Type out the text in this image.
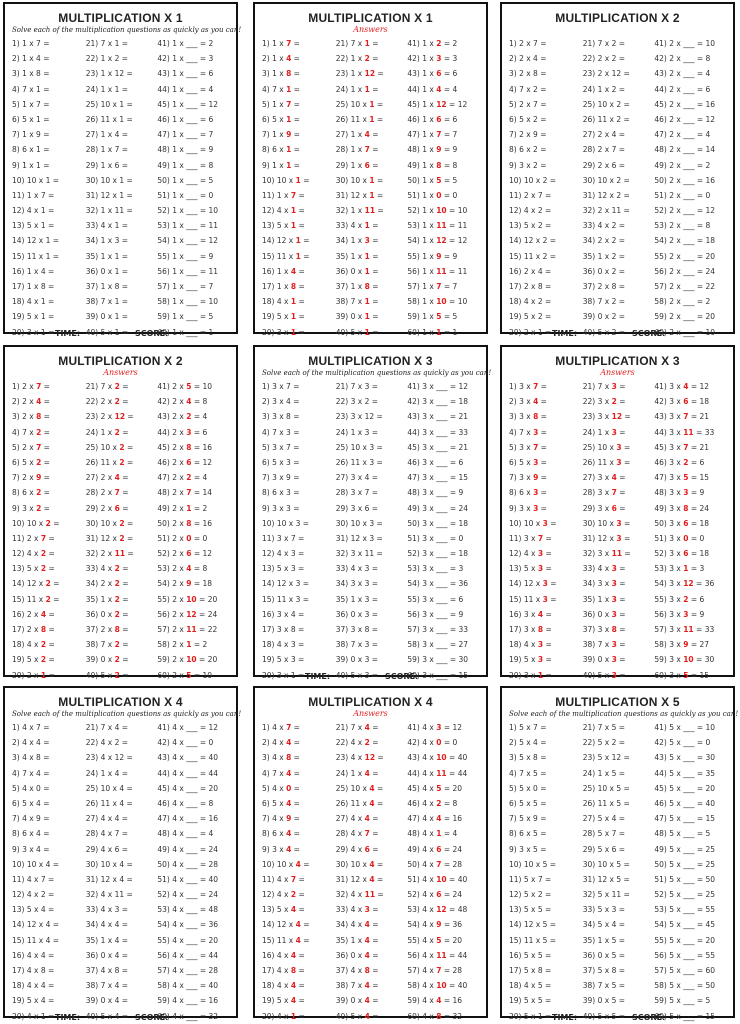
MULTIPLICATION X 1
Solve each of the multiplication questions as quickly as you can!
1) 1 x 7 =
2) 1 x 4 =
3) 1 x 8 =
4) 7 x 1 =
5) 1 x 7 =
6) 5 x 1 =
7) 1 x 9 =
8) 6 x 1 =
9) 1 x 1 =
10) 10 x 1 =
11) 1 x 7 =
12) 4 x 1 =
13) 5 x 1 =
14) 12 x 1 =
15) 11 x 1 =
16) 1 x 4 =
17) 1 x 8 =
18) 4 x 1 =
19) 5 x 1 =
20) 3 x 1 =
21) 7 x 1 =
22) 1 x 2 =
23) 1 x 12 =
24) 1 x 1 =
25) 10 x 1 =
26) 11 x 1 =
27) 1 x 4 =
28) 1 x 7 =
29) 1 x 6 =
30) 10 x 1 =
31) 12 x 1 =
32) 1 x 11 =
33) 4 x 1 =
34) 1 x 3 =
35) 1 x 1 =
36) 0 x 1 =
37) 1 x 8 =
38) 7 x 1 =
39) 0 x 1 =
40) 5 x 1 =
41) 1 x ___ = 2
42) 1 x ___ = 3
43) 1 x ___ = 6
44) 1 x ___ = 4
45) 1 x ___ = 12
46) 1 x ___ = 6
47) 1 x ___ = 7
48) 1 x ___ = 9
49) 1 x ___ = 8
50) 1 x ___ = 5
51) 1 x ___ = 0
52) 1 x ___ = 10
53) 1 x ___ = 11
54) 1 x ___ = 12
55) 1 x ___ = 9
56) 1 x ___ = 11
57) 1 x ___ = 7
58) 1 x ___ = 10
59) 1 x ___ = 5
60) 1 x ___ = 1
TIME:	SCORE:
MULTIPLICATION X 1
Answers
1) 1 x 7 =
2) 1 x 4 =
3) 1 x 8 =
4) 7 x 1 =
5) 1 x 7 =
6) 5 x 1 =
7) 1 x 9 =
8) 6 x 1 =
9) 1 x 1 =
10) 10 x 1 =
11) 1 x 7 =
12) 4 x 1 =
13) 5 x 1 =
14) 12 x 1 =
15) 11 x 1 =
16) 1 x 4 =
17) 1 x 8 =
18) 4 x 1 =
19) 5 x 1 =
20) 3 x 1 =
21) 7 x 1 =
22) 1 x 2 =
23) 1 x 12 =
24) 1 x 1 =
25) 10 x 1 =
26) 11 x 1 =
27) 1 x 4 =
28) 1 x 7 =
29) 1 x 6 =
30) 10 x 1 =
31) 12 x 1 =
32) 1 x 11 =
33) 4 x 1 =
34) 1 x 3 =
35) 1 x 1 =
36) 0 x 1 =
37) 1 x 8 =
38) 7 x 1 =
39) 0 x 1 =
40) 5 x 1 =
41) 1 x 2 = 2
42) 1 x 3 = 3
43) 1 x 6 = 6
44) 1 x 4 = 4
45) 1 x 12 = 12
46) 1 x 6 = 6
47) 1 x 7 = 7
48) 1 x 9 = 9
49) 1 x 8 = 8
50) 1 x 5 = 5
51) 1 x 0 = 0
52) 1 x 10 = 10
53) 1 x 11 = 11
54) 1 x 12 = 12
55) 1 x 9 = 9
56) 1 x 11 = 11
57) 1 x 7 = 7
58) 1 x 10 = 10
59) 1 x 5 = 5
60) 1 x 1 = 1
MULTIPLICATION X 2
1) 2 x 7 =
2) 2 x 4 =
3) 2 x 8 =
4) 7 x 2 =
5) 2 x 7 =
6) 5 x 2 =
7) 2 x 9 =
8) 6 x 2 =
9) 3 x 2 =
10) 10 x 2 =
11) 2 x 7 =
12) 4 x 2 =
13) 5 x 2 =
14) 12 x 2 =
15) 11 x 2 =
16) 2 x 4 =
17) 2 x 8 =
18) 4 x 2 =
19) 5 x 2 =
20) 2 x 1 =
21) 7 x 2 =
22) 2 x 2 =
23) 2 x 12 =
24) 1 x 2 =
25) 10 x 2 =
26) 11 x 2 =
27) 2 x 4 =
28) 2 x 7 =
29) 2 x 6 =
30) 10 x 2 =
31) 12 x 2 =
32) 2 x 11 =
33) 4 x 2 =
34) 2 x 2 =
35) 1 x 2 =
36) 0 x 2 =
37) 2 x 8 =
38) 7 x 2 =
39) 0 x 2 =
40) 5 x 2 =
41) 2 x ___ = 10
42) 2 x ___ = 8
43) 2 x ___ = 4
44) 2 x ___ = 6
45) 2 x ___ = 16
46) 2 x ___ = 12
47) 2 x ___ = 4
48) 2 x ___ = 14
49) 2 x ___ = 2
50) 2 x ___ = 16
51) 2 x ___ = 0
52) 2 x ___ = 12
53) 2 x ___ = 8
54) 2 x ___ = 18
55) 2 x ___ = 20
56) 2 x ___ = 24
57) 2 x ___ = 22
58) 2 x ___ = 2
59) 2 x ___ = 20
60) 2 x ___ = 10
TIME:	SCORE:
MULTIPLICATION X 2
Answers
1) 2 x 7 =
2) 2 x 4 =
3) 2 x 8 =
4) 7 x 2 =
5) 2 x 7 =
6) 5 x 2 =
7) 2 x 9 =
8) 6 x 2 =
9) 3 x 2 =
10) 10 x 2 =
11) 2 x 7 =
12) 4 x 2 =
13) 5 x 2 =
14) 12 x 2 =
15) 11 x 2 =
16) 2 x 4 =
17) 2 x 8 =
18) 4 x 2 =
19) 5 x 2 =
20) 2 x 1 =
21) 7 x 2 =
22) 2 x 2 =
23) 2 x 12 =
24) 1 x 2 =
25) 10 x 2 =
26) 11 x 2 =
27) 2 x 4 =
28) 2 x 7 =
29) 2 x 6 =
30) 10 x 2 =
31) 12 x 2 =
32) 2 x 11 =
33) 4 x 2 =
34) 2 x 2 =
35) 1 x 2 =
36) 0 x 2 =
37) 2 x 8 =
38) 7 x 2 =
39) 0 x 2 =
40) 5 x 2 =
41) 2 x 5 = 10
42) 2 x 4 = 8
43) 2 x 2 = 4
44) 2 x 3 = 6
45) 2 x 8 = 16
46) 2 x 6 = 12
47) 2 x 2 = 4
48) 2 x 7 = 14
49) 2 x 1 = 2
50) 2 x 8 = 16
51) 2 x 0 = 0
52) 2 x 6 = 12
53) 2 x 4 = 8
54) 2 x 9 = 18
55) 2 x 10 = 20
56) 2 x 12 = 24
57) 2 x 11 = 22
58) 2 x 1 = 2
59) 2 x 10 = 20
60) 2 x 5 = 10
MULTIPLICATION X 3
Solve each of the multiplication questions as quickly as you can!
1) 3 x 7 =
2) 3 x 4 =
3) 3 x 8 =
4) 7 x 3 =
5) 3 x 7 =
6) 5 x 3 =
7) 3 x 9 =
8) 6 x 3 =
9) 3 x 3 =
10) 10 x 3 =
11) 3 x 7 =
12) 4 x 3 =
13) 5 x 3 =
14) 12 x 3 =
15) 11 x 3 =
16) 3 x 4 =
17) 3 x 8 =
18) 4 x 3 =
19) 5 x 3 =
20) 3 x 1 =
21) 7 x 3 =
22) 3 x 2 =
23) 3 x 12 =
24) 1 x 3 =
25) 10 x 3 =
26) 11 x 3 =
27) 3 x 4 =
28) 3 x 7 =
29) 3 x 6 =
30) 10 x 3 =
31) 12 x 3 =
32) 3 x 11 =
33) 4 x 3 =
34) 3 x 3 =
35) 1 x 3 =
36) 0 x 3 =
37) 3 x 8 =
38) 7 x 3 =
39) 0 x 3 =
40) 5 x 3 =
41) 3 x ___ = 12
42) 3 x ___ = 18
43) 3 x ___ = 21
44) 3 x ___ = 33
45) 3 x ___ = 21
46) 3 x ___ = 6
47) 3 x ___ = 15
48) 3 x ___ = 9
49) 3 x ___ = 24
50) 3 x ___ = 18
51) 3 x ___ = 0
52) 3 x ___ = 18
53) 3 x ___ = 3
54) 3 x ___ = 36
55) 3 x ___ = 6
56) 3 x ___ = 9
57) 3 x ___ = 33
58) 3 x ___ = 27
59) 3 x ___ = 30
60) 3 x ___ = 15
TIME:	SCORE:
MULTIPLICATION X 3
Answers
1) 3 x 7 =
2) 3 x 4 =
3) 3 x 8 =
4) 7 x 3 =
5) 3 x 7 =
6) 5 x 3 =
7) 3 x 9 =
8) 6 x 3 =
9) 3 x 3 =
10) 10 x 3 =
11) 3 x 7 =
12) 4 x 3 =
13) 5 x 3 =
14) 12 x 3 =
15) 11 x 3 =
16) 3 x 4 =
17) 3 x 8 =
18) 4 x 3 =
19) 5 x 3 =
20) 3 x 1 =
21) 7 x 3 =
22) 3 x 2 =
23) 3 x 12 =
24) 1 x 3 =
25) 10 x 3 =
26) 11 x 3 =
27) 3 x 4 =
28) 3 x 7 =
29) 3 x 6 =
30) 10 x 3 =
31) 12 x 3 =
32) 3 x 11 =
33) 4 x 3 =
34) 3 x 3 =
35) 1 x 3 =
36) 0 x 3 =
37) 3 x 8 =
38) 7 x 3 =
39) 0 x 3 =
40) 5 x 3 =
41) 3 x 4 = 12
42) 3 x 6 = 18
43) 3 x 7 = 21
44) 3 x 11 = 33
45) 3 x 7 = 21
46) 3 x 2 = 6
47) 3 x 5 = 15
48) 3 x 3 = 9
49) 3 x 8 = 24
50) 3 x 6 = 18
51) 3 x 0 = 0
52) 3 x 6 = 18
53) 3 x 1 = 3
54) 3 x 12 = 36
55) 3 x 2 = 6
56) 3 x 3 = 9
57) 3 x 11 = 33
58) 3 x 9 = 27
59) 3 x 10 = 30
60) 3 x 5 = 15
MULTIPLICATION X 4
Solve each of the multiplication questions as quickly as you can!
1) 4 x 7 =
2) 4 x 4 =
3) 4 x 8 =
4) 7 x 4 =
5) 4 x 0 =
6) 5 x 4 =
7) 4 x 9 =
8) 6 x 4 =
9) 3 x 4 =
10) 10 x 4 =
11) 4 x 7 =
12) 4 x 2 =
13) 5 x 4 =
14) 12 x 4 =
15) 11 x 4 =
16) 4 x 4 =
17) 4 x 8 =
18) 4 x 4 =
19) 5 x 4 =
20) 4 x 1 =
21) 7 x 4 =
22) 4 x 2 =
23) 4 x 12 =
24) 1 x 4 =
25) 10 x 4 =
26) 11 x 4 =
27) 4 x 4 =
28) 4 x 7 =
29) 4 x 6 =
30) 10 x 4 =
31) 12 x 4 =
32) 4 x 11 =
33) 4 x 3 =
34) 4 x 4 =
35) 1 x 4 =
36) 0 x 4 =
37) 4 x 8 =
38) 7 x 4 =
39) 0 x 4 =
40) 5 x 4 =
41) 4 x ___ = 12
42) 4 x ___ = 0
43) 4 x ___ = 40
44) 4 x ___ = 44
45) 4 x ___ = 20
46) 4 x ___ = 8
47) 4 x ___ = 16
48) 4 x ___ = 4
49) 4 x ___ = 24
50) 4 x ___ = 28
51) 4 x ___ = 40
52) 4 x ___ = 24
53) 4 x ___ = 48
54) 4 x ___ = 36
55) 4 x ___ = 20
56) 4 x ___ = 44
57) 4 x ___ = 28
58) 4 x ___ = 40
59) 4 x ___ = 16
60) 4 x ___ = 32
TIME:	SCORE:
MULTIPLICATION X 4
Answers
1) 4 x 7 =
2) 4 x 4 =
3) 4 x 8 =
4) 7 x 4 =
5) 4 x 0 =
6) 5 x 4 =
7) 4 x 9 =
8) 6 x 4 =
9) 3 x 4 =
10) 10 x 4 =
11) 4 x 7 =
12) 4 x 2 =
13) 5 x 4 =
14) 12 x 4 =
15) 11 x 4 =
16) 4 x 4 =
17) 4 x 8 =
18) 4 x 4 =
19) 5 x 4 =
20) 4 x 1 =
21) 7 x 4 =
22) 4 x 2 =
23) 4 x 12 =
24) 1 x 4 =
25) 10 x 4 =
26) 11 x 4 =
27) 4 x 4 =
28) 4 x 7 =
29) 4 x 6 =
30) 10 x 4 =
31) 12 x 4 =
32) 4 x 11 =
33) 4 x 3 =
34) 4 x 4 =
35) 1 x 4 =
36) 0 x 4 =
37) 4 x 8 =
38) 7 x 4 =
39) 0 x 4 =
40) 5 x 4 =
41) 4 x 3 = 12
42) 4 x 0 = 0
43) 4 x 10 = 40
44) 4 x 11 = 44
45) 4 x 5 = 20
46) 4 x 2 = 8
47) 4 x 4 = 16
48) 4 x 1 = 4
49) 4 x 6 = 24
50) 4 x 7 = 28
51) 4 x 10 = 40
52) 4 x 6 = 24
53) 4 x 12 = 48
54) 4 x 9 = 36
55) 4 x 5 = 20
56) 4 x 11 = 44
57) 4 x 7 = 28
58) 4 x 10 = 40
59) 4 x 4 = 16
60) 4 x 8 = 32
MULTIPLICATION X 5
Solve each of the multiplication questions as quickly as you can!
1) 5 x 7 =
2) 5 x 4 =
3) 5 x 8 =
4) 7 x 5 =
5) 5 x 0 =
6) 5 x 5 =
7) 5 x 9 =
8) 6 x 5 =
9) 3 x 5 =
10) 10 x 5 =
11) 5 x 7 =
12) 5 x 2 =
13) 5 x 5 =
14) 12 x 5 =
15) 11 x 5 =
16) 5 x 5 =
17) 5 x 8 =
18) 4 x 5 =
19) 5 x 5 =
20) 5 x 1 =
21) 7 x 5 =
22) 5 x 2 =
23) 5 x 12 =
24) 1 x 5 =
25) 10 x 5 =
26) 11 x 5 =
27) 5 x 4 =
28) 5 x 7 =
29) 5 x 6 =
30) 10 x 5 =
31) 12 x 5 =
32) 5 x 11 =
33) 5 x 3 =
34) 5 x 4 =
35) 1 x 5 =
36) 0 x 5 =
37) 5 x 8 =
38) 7 x 5 =
39) 0 x 5 =
40) 5 x 5 =
41) 5 x ___ = 10
42) 5 x ___ = 0
43) 5 x ___ = 30
44) 5 x ___ = 35
45) 5 x ___ = 20
46) 5 x ___ = 40
47) 5 x ___ = 15
48) 5 x ___ = 5
49) 5 x ___ = 25
50) 5 x ___ = 25
51) 5 x ___ = 50
52) 5 x ___ = 25
53) 5 x ___ = 55
54) 5 x ___ = 45
55) 5 x ___ = 20
56) 5 x ___ = 55
57) 5 x ___ = 60
58) 5 x ___ = 50
59) 5 x ___ = 5
60) 5 x ___ = 15
TIME:	SCORE:
